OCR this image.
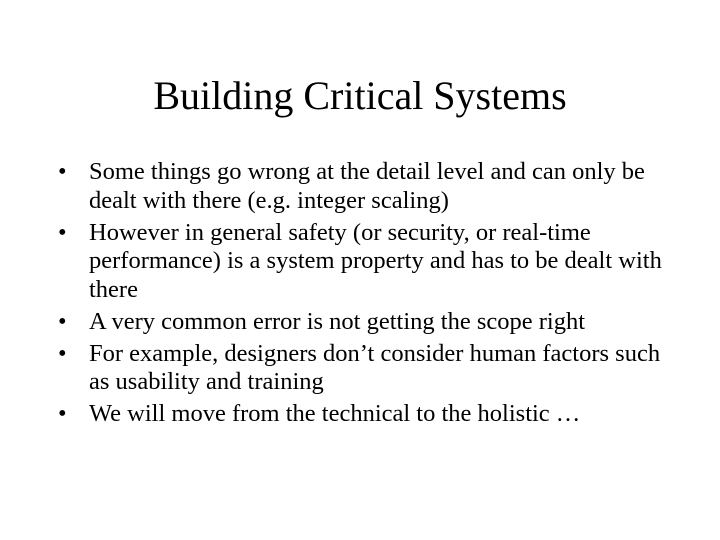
Building Critical Systems
• Some things go wrong at the detail level and can only be dealt with there (e.g. integer scaling)
• However in general safety (or security, or real-time performance) is a system property and has to be dealt with there
• A very common error is not getting the scope right
• For example, designers don’t consider human factors such as usability and training
• We will move from the technical to the holistic …
